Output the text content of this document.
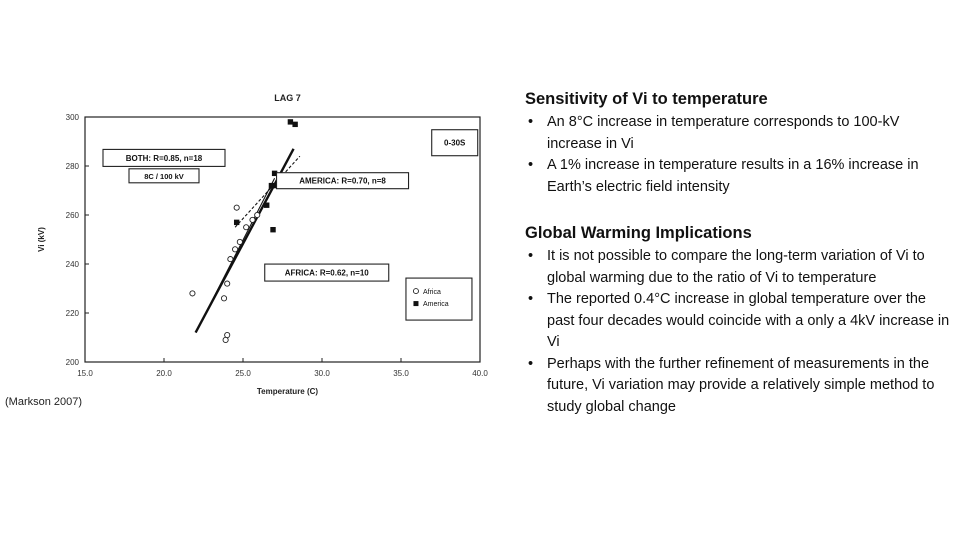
LAG 7
15.0	20.0	25.0	30.0	35.0	40.0
200
220
240
260
280
300
Temperature (C)
Vi (kV)
BOTH: R=0.85, n=18
8C / 100 kV
AMERICA: R=0.70, n=8
AFRICA: R=0.62, n=10
0-30S
Africa
America
(Markson 2007)
Sensitivity of Vi to temperature
• An 8°C increase in temperature corresponds to 100-kV increase in Vi
• A 1% increase in temperature results in a 16% increase in Earth’s electric field intensity
Global Warming Implications
• It is not possible to compare the long-term variation of Vi to global warming due to the ratio of Vi to temperature
• The reported 0.4°C increase in global temperature over the past four decades would coincide with a only a 4kV increase in Vi
• Perhaps with the further refinement of measurements in the future, Vi variation may provide a relatively simple method to study global change
